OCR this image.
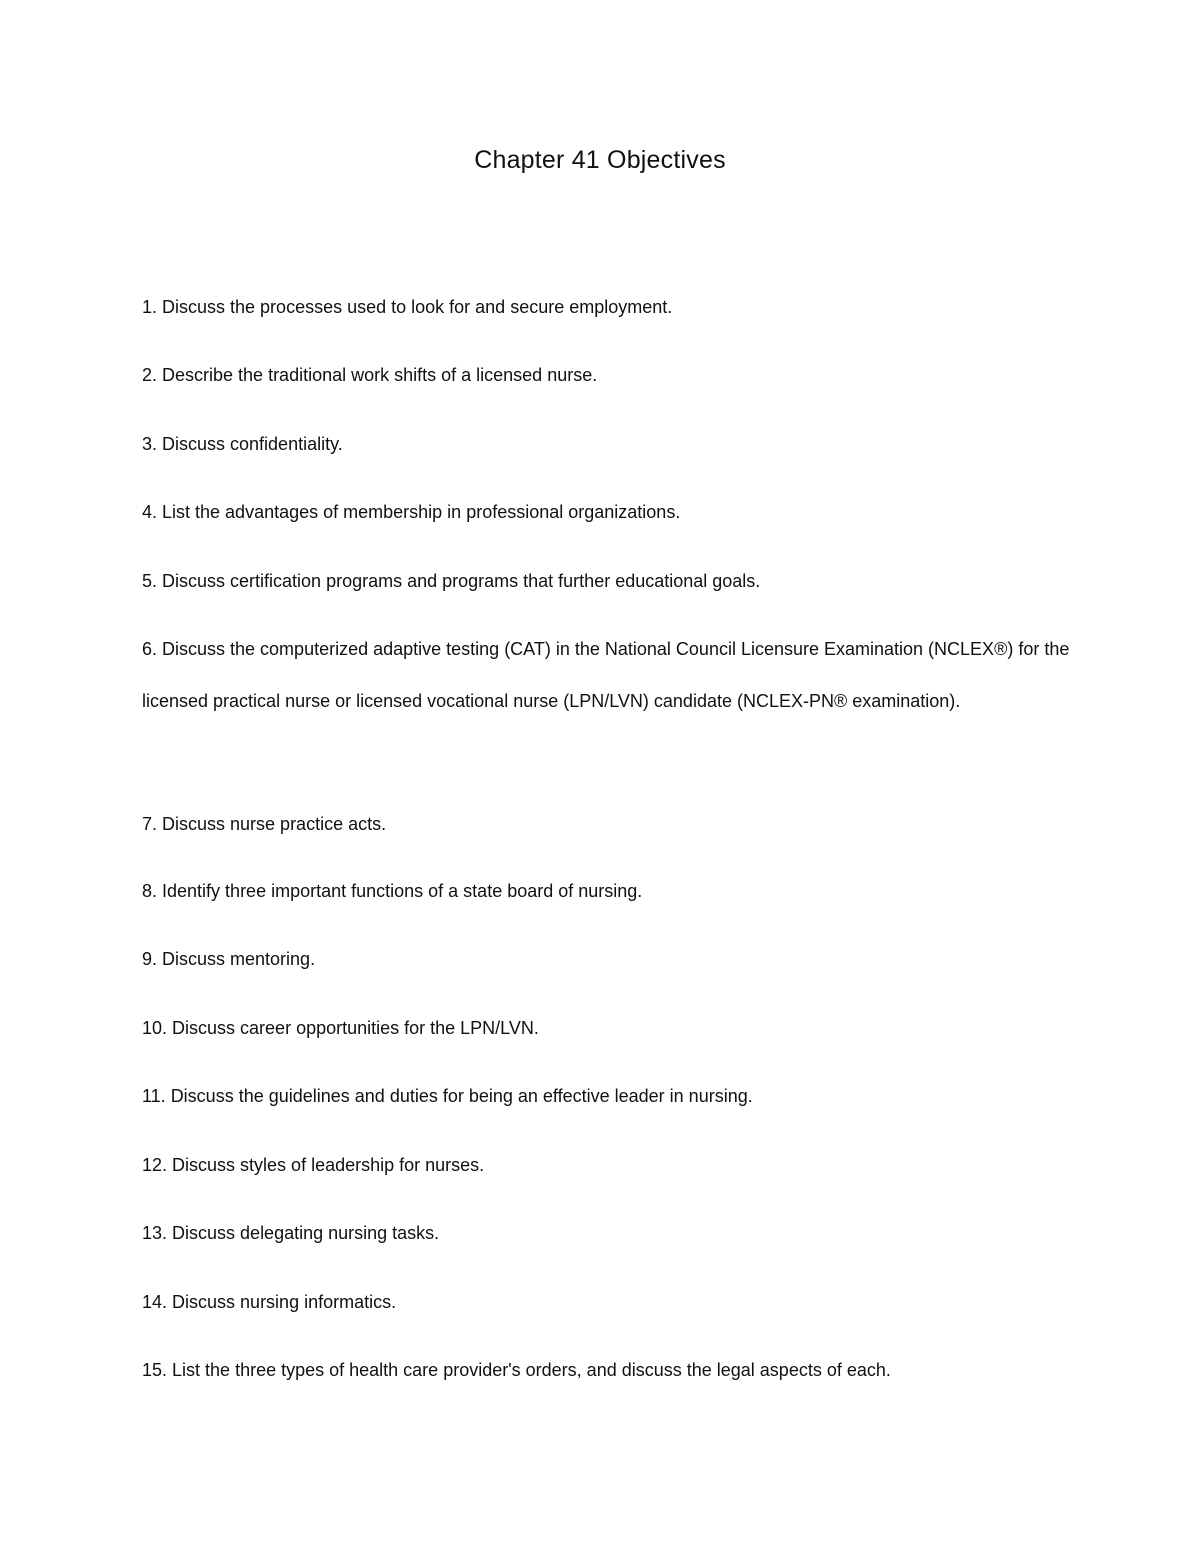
Chapter 41 Objectives

1. Discuss the processes used to look for and secure employment.

2. Describe the traditional work shifts of a licensed nurse.

3. Discuss confidentiality.

4. List the advantages of membership in professional organizations.

5. Discuss certification programs and programs that further educational goals.

6. Discuss the computerized adaptive testing (CAT) in the National Council Licensure Examination (NCLEX®) for the licensed practical nurse or licensed vocational nurse (LPN/LVN) candidate (NCLEX-PN® examination).

7. Discuss nurse practice acts.

8. Identify three important functions of a state board of nursing.

9. Discuss mentoring.

10. Discuss career opportunities for the LPN/LVN.

11. Discuss the guidelines and duties for being an effective leader in nursing.

12. Discuss styles of leadership for nurses.

13. Discuss delegating nursing tasks.

14. Discuss nursing informatics.

15. List the three types of health care provider's orders, and discuss the legal aspects of each.
